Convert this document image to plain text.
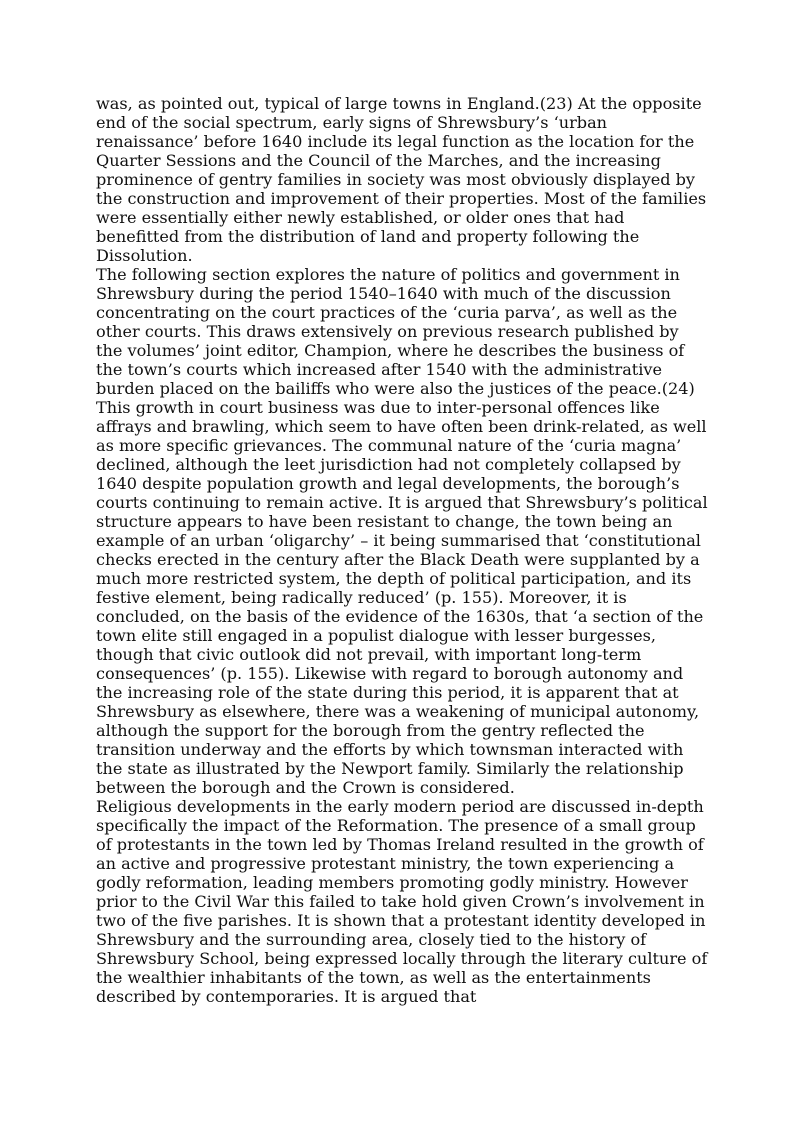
was, as pointed out, typical of large towns in England.(23) At the opposite end of the social spectrum, early signs of Shrewsbury’s ‘urban renaissance’ before 1640 include its legal function as the location for the Quarter Sessions and the Council of the Marches, and the increasing prominence of gentry families in society was most obviously displayed by the construction and improvement of their properties. Most of the families were essentially either newly established, or older ones that had benefitted from the distribution of land and property following the Dissolution.

The following section explores the nature of politics and government in Shrewsbury during the period 1540–1640 with much of the discussion concentrating on the court practices of the ‘curia parva’, as well as the other courts. This draws extensively on previous research published by the volumes’ joint editor, Champion, where he describes the business of the town’s courts which increased after 1540 with the administrative burden placed on the bailiffs who were also the justices of the peace.(24) This growth in court business was due to inter-personal offences like affrays and brawling, which seem to have often been drink-related, as well as more specific grievances. The communal nature of the ‘curia magna’ declined, although the leet jurisdiction had not completely collapsed by 1640 despite population growth and legal developments, the borough’s courts continuing to remain active. It is argued that Shrewsbury’s political structure appears to have been resistant to change, the town being an example of an urban ‘oligarchy’ – it being summarised that ‘constitutional checks erected in the century after the Black Death were supplanted by a much more restricted system, the depth of political participation, and its festive element, being radically reduced’ (p. 155). Moreover, it is concluded, on the basis of the evidence of the 1630s, that ‘a section of the town elite still engaged in a populist dialogue with lesser burgesses, though that civic outlook did not prevail, with important long-term consequences’ (p. 155). Likewise with regard to borough autonomy and the increasing role of the state during this period, it is apparent that at Shrewsbury as elsewhere, there was a weakening of municipal autonomy, although the support for the borough from the gentry reflected the transition underway and the efforts by which townsman interacted with the state as illustrated by the Newport family. Similarly the relationship between the borough and the Crown is considered.

Religious developments in the early modern period are discussed in-depth specifically the impact of the Reformation. The presence of a small group of protestants in the town led by Thomas Ireland resulted in the growth of an active and progressive protestant ministry, the town experiencing a godly reformation, leading members promoting godly ministry. However prior to the Civil War this failed to take hold given Crown’s involvement in two of the five parishes. It is shown that a protestant identity developed in Shrewsbury and the surrounding area, closely tied to the history of Shrewsbury School, being expressed locally through the literary culture of the wealthier inhabitants of the town, as well as the entertainments described by contemporaries. It is argued that
